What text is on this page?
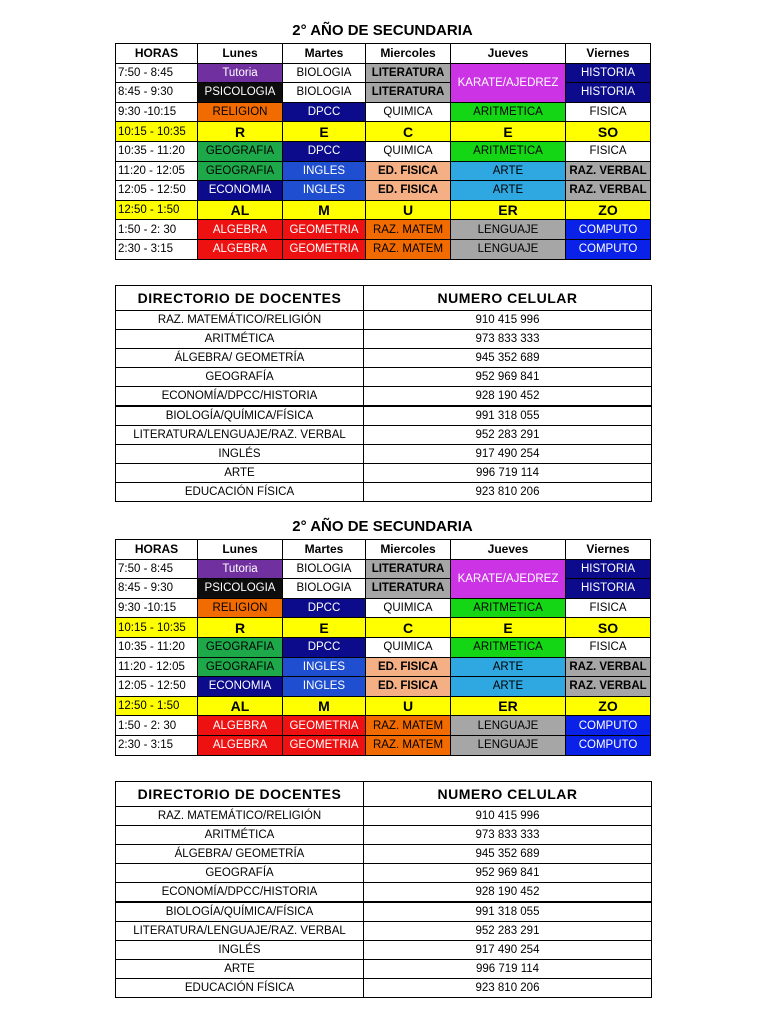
2° AÑO DE SECUNDARIA
HORAS	Lunes	Martes	Miercoles	Jueves	Viernes
7:50 - 8:45	Tutoria	BIOLOGIA	LITERATURA	KARATE/AJEDREZ	HISTORIA
8:45 - 9:30	PSICOLOGIA	BIOLOGIA	LITERATURA		HISTORIA
9:30 -10:15	RELIGION	DPCC	QUIMICA	ARITMETICA	FISICA
10:15 - 10:35	R	E	C	E	SO
10:35 - 11:20	GEOGRAFIA	DPCC	QUIMICA	ARITMETICA	FISICA
11:20 - 12:05	GEOGRAFIA	INGLES	ED. FISICA	ARTE	RAZ. VERBAL
12:05 - 12:50	ECONOMIA	INGLES	ED. FISICA	ARTE	RAZ. VERBAL
12:50 - 1:50	AL	M	U	ER	ZO
1:50 - 2: 30	ALGEBRA	GEOMETRIA	RAZ. MATEM	LENGUAJE	COMPUTO
2:30 - 3:15	ALGEBRA	GEOMETRIA	RAZ. MATEM	LENGUAJE	COMPUTO
DIRECTORIO DE DOCENTES	NUMERO CELULAR
RAZ. MATEMÁTICO/RELIGIÓN	910 415 996
ARITMÉTICA	973 833 333
ÁLGEBRA/ GEOMETRÍA	945 352 689
GEOGRAFÍA	952 969 841
ECONOMÍA/DPCC/HISTORIA	928 190 452
BIOLOGÍA/QUÍMICA/FÍSICA	991 318 055
LITERATURA/LENGUAJE/RAZ. VERBAL	952 283 291
INGLÉS	917 490 254
ARTE	996 719 114
EDUCACIÓN FÍSICA	923 810 206
2° AÑO DE SECUNDARIA
HORAS	Lunes	Martes	Miercoles	Jueves	Viernes
7:50 - 8:45	Tutoria	BIOLOGIA	LITERATURA	KARATE/AJEDREZ	HISTORIA
8:45 - 9:30	PSICOLOGIA	BIOLOGIA	LITERATURA		HISTORIA
9:30 -10:15	RELIGION	DPCC	QUIMICA	ARITMETICA	FISICA
10:15 - 10:35	R	E	C	E	SO
10:35 - 11:20	GEOGRAFIA	DPCC	QUIMICA	ARITMETICA	FISICA
11:20 - 12:05	GEOGRAFIA	INGLES	ED. FISICA	ARTE	RAZ. VERBAL
12:05 - 12:50	ECONOMIA	INGLES	ED. FISICA	ARTE	RAZ. VERBAL
12:50 - 1:50	AL	M	U	ER	ZO
1:50 - 2: 30	ALGEBRA	GEOMETRIA	RAZ. MATEM	LENGUAJE	COMPUTO
2:30 - 3:15	ALGEBRA	GEOMETRIA	RAZ. MATEM	LENGUAJE	COMPUTO
DIRECTORIO DE DOCENTES	NUMERO CELULAR
RAZ. MATEMÁTICO/RELIGIÓN	910 415 996
ARITMÉTICA	973 833 333
ÁLGEBRA/ GEOMETRÍA	945 352 689
GEOGRAFÍA	952 969 841
ECONOMÍA/DPCC/HISTORIA	928 190 452
BIOLOGÍA/QUÍMICA/FÍSICA	991 318 055
LITERATURA/LENGUAJE/RAZ. VERBAL	952 283 291
INGLÉS	917 490 254
ARTE	996 719 114
EDUCACIÓN FÍSICA	923 810 206
